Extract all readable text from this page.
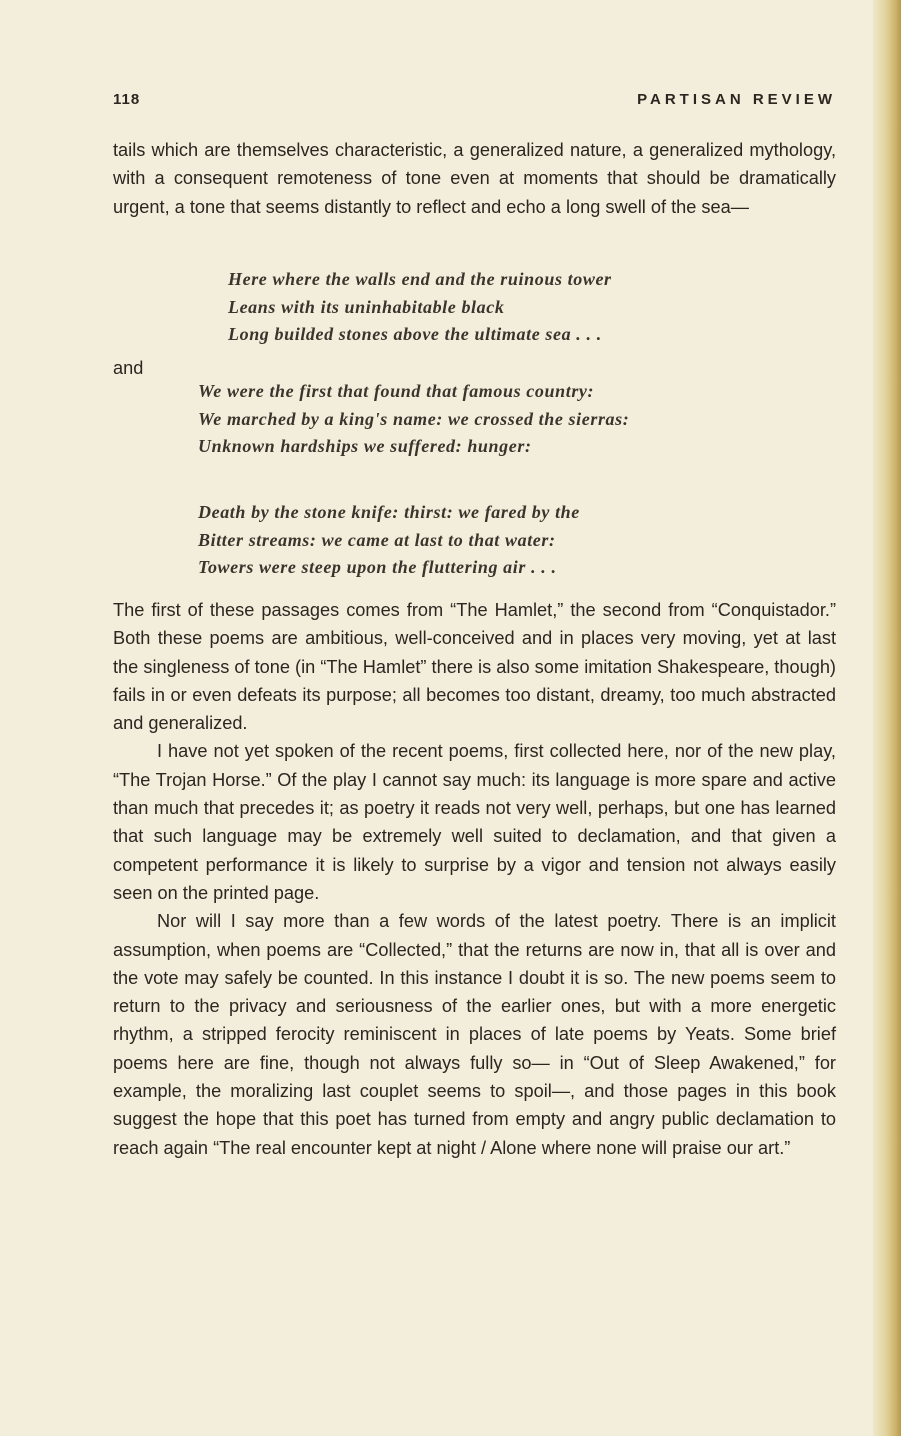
118	PARTISAN REVIEW

tails which are themselves characteristic, a generalized nature, a generalized mythology, with a consequent remoteness of tone even at moments that should be dramatically urgent, a tone that seems distantly to reflect and echo a long swell of the sea—

Here where the walls end and the ruinous tower
Leans with its uninhabitable black
Long builded stones above the ultimate sea . . .
and
We were the first that found that famous country:
We marched by a king's name: we crossed the sierras:
Unknown hardships we suffered: hunger:
Death by the stone knife: thirst: we fared by the
Bitter streams: we came at last to that water:
Towers were steep upon the fluttering air . . .

The first of these passages comes from “The Hamlet,” the second from “Conquistador.” Both these poems are ambitious, well-conceived and in places very moving, yet at last the singleness of tone (in “The Hamlet” there is also some imitation Shakespeare, though) fails in or even defeats its purpose; all becomes too distant, dreamy, too much abstracted and generalized.

I have not yet spoken of the recent poems, first collected here, nor of the new play, “The Trojan Horse.” Of the play I cannot say much: its language is more spare and active than much that precedes it; as poetry it reads not very well, perhaps, but one has learned that such language may be extremely well suited to declamation, and that given a competent performance it is likely to surprise by a vigor and tension not always easily seen on the printed page.

Nor will I say more than a few words of the latest poetry. There is an implicit assumption, when poems are “Collected,” that the returns are now in, that all is over and the vote may safely be counted. In this instance I doubt it is so. The new poems seem to return to the privacy and seriousness of the earlier ones, but with a more energetic rhythm, a stripped ferocity reminiscent in places of late poems by Yeats. Some brief poems here are fine, though not always fully so— in “Out of Sleep Awakened,” for example, the moralizing last couplet seems to spoil—, and those pages in this book suggest the hope that this poet has turned from empty and angry public declamation to reach again “The real encounter kept at night / Alone where none will praise our art.”
